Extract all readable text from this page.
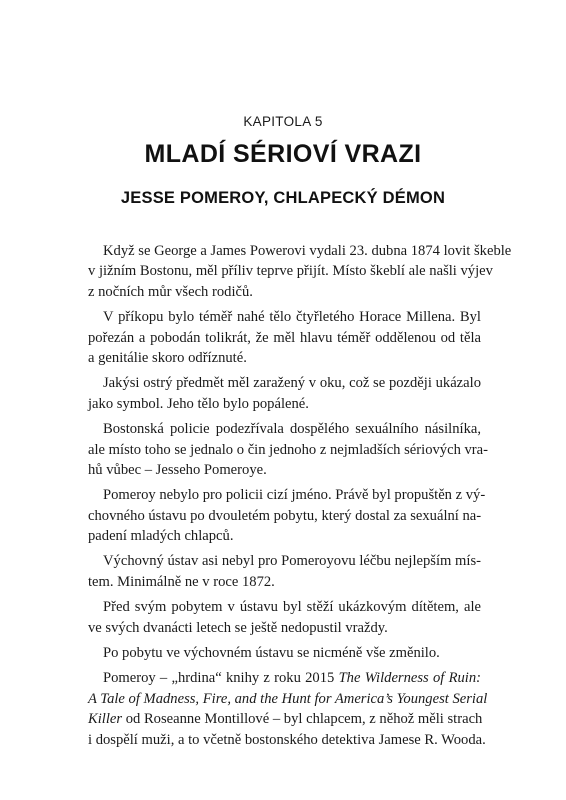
KAPITOLA 5
MLADÍ SÉRIOVÍ VRAZI
JESSE POMEROY, CHLAPECKÝ DÉMON
Když se George a James Powerovi vydali 23. dubna 1874 lovit škeble
v jižním Bostonu, měl příliv teprve přijít. Místo škeblí ale našli výjev
z nočních můr všech rodičů.
V příkopu bylo téměř nahé tělo čtyřletého Horace Millena. Byl
pořezán a pobodán tolikrát, že měl hlavu téměř oddělenou od těla
a genitálie skoro odříznuté.
Jakýsi ostrý předmět měl zaražený v oku, což se později ukázalo
jako symbol. Jeho tělo bylo popálené.
Bostonská policie podezřívala dospělého sexuálního násilníka,
ale místo toho se jednalo o čin jednoho z nejmladších sériových vra-
hů vůbec – Jesseho Pomeroye.
Pomeroy nebylo pro policii cizí jméno. Právě byl propuštěn z vý-
chovného ústavu po dvouletém pobytu, který dostal za sexuální na-
padení mladých chlapců.
Výchovný ústav asi nebyl pro Pomeroyovu léčbu nejlepším mís-
tem. Minimálně ne v roce 1872.
Před svým pobytem v ústavu byl stěží ukázkovým dítětem, ale
ve svých dvanácti letech se ještě nedopustil vraždy.
Po pobytu ve výchovném ústavu se nicméně vše změnilo.
Pomeroy – „hrdina“ knihy z roku 2015 The Wilderness of Ruin:
A Tale of Madness, Fire, and the Hunt for America’s Youngest Serial
Killer od Roseanne Montillové – byl chlapcem, z něhož měli strach
i dospělí muži, a to včetně bostonského detektiva Jamese R. Wooda.
